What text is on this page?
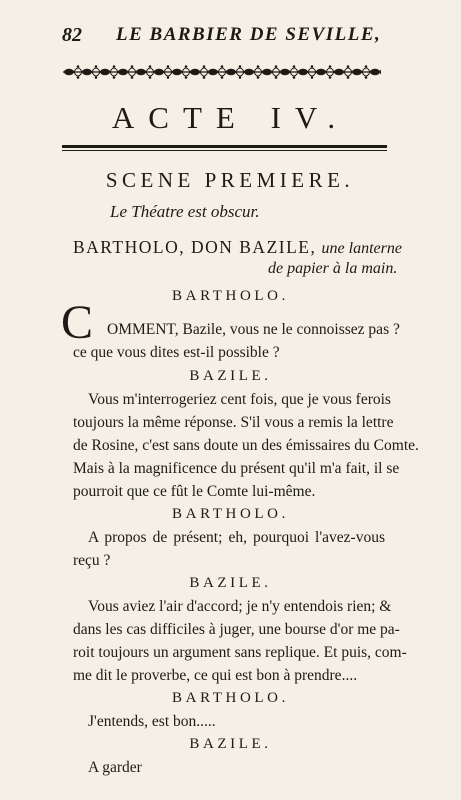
82 LE BARBIER DE SEVILLE,
ACTE IV.
SCENE PREMIERE.
Le Théatre est obscur.
BARTHOLO, DON BAZILE, une lanterne
de papier à la main.
BARTHOLO.
C OMMENT, Bazile, vous ne le connoissez pas ?
ce que vous dites est-il possible ?
BAZILE.
Vous m'interrogeriez cent fois, que je vous ferois
toujours la même réponse. S'il vous a remis la lettre
de Rosine, c'est sans doute un des émissaires du Comte.
Mais à la magnificence du présent qu'il m'a fait, il se
pourroit que ce fût le Comte lui-même.
BARTHOLO.
A propos de présent; eh, pourquoi l'avez-vous
reçu ?
BAZILE.
Vous aviez l'air d'accord; je n'y entendois rien; &
dans les cas difficiles à juger, une bourse d'or me pa-
roit toujours un argument sans replique. Et puis, com-
me dit le proverbe, ce qui est bon à prendre....
BARTHOLO.
J'entends, est bon.....
BAZILE.
A garder
